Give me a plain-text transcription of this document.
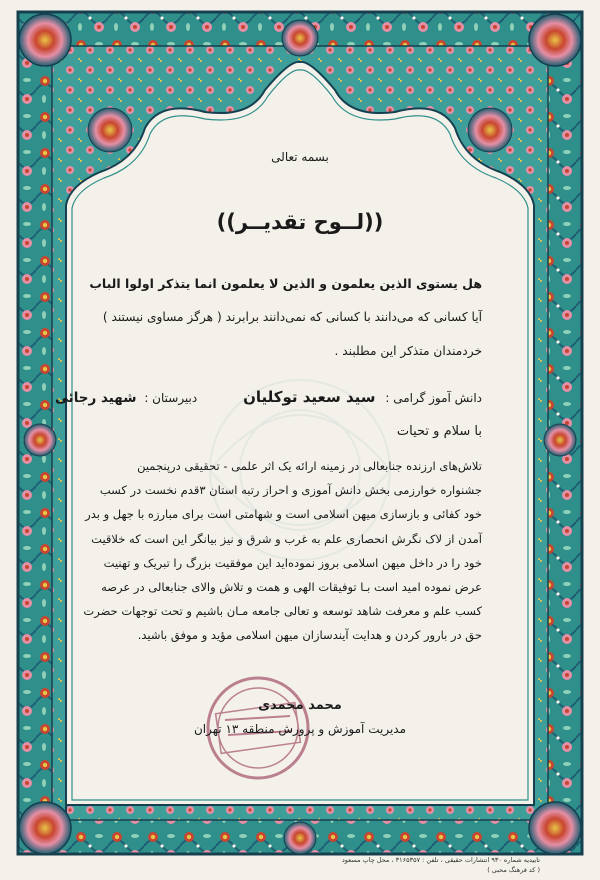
بسمه تعالی
((لــوح تقدیــر))
هل یستوی الذین یعلمون و الذین لا یعلمون انما یتذکر اولوا الباب
آیا کسانی که می‌دانند با کسانی که نمی‌دانند برابرند ( هرگز مساوی نیستند )
خردمندان متذکر این مطلبند .
دانش آموز گرامی : سید سعید توکلیان دبیرستان : شهید رجائی
با سلام و تحیات
تلاش‌های ارزنده جنابعالی در زمینه ارائه یک اثر علمی - تحقیقی درپنجمین
جشنواره خوارزمی بخش دانش آموزی و احراز رتبه استان ۳قدم نخست در کسب
خود کفائی و بازسازی میهن اسلامی است و شهامتی است برای مبارزه با جهل و بدر
آمدن از لاک نگرش انحصاری علم به غرب و شرق و نیز بیانگر این است که خلاقیت
خود را در داخل میهن اسلامی بروز نموده‌اید این موفقیت بزرگ را تبریک و تهنیت
عرض نموده امید است بـا توفیقات الهی و همت و تلاش والای جنابعالی در عرصه
کسب علم و معرفت شاهد توسعه و تعالی جامعه مـان باشیم و تحت توجهات حضرت
حق در بارور کردن و هدایت آیندسازان میهن اسلامی مؤید و موفق باشید.
محمد محمدی
مدیریت آموزش و پرورش منطقه ۱۳ تهران
تاییدیه شماره ۹۳۰ انتشارات حقیقی ، تلفن : ۳۱۶۵۳۵۷ ، محل چاپ مسعود
( کد فرهنگ محبی )
